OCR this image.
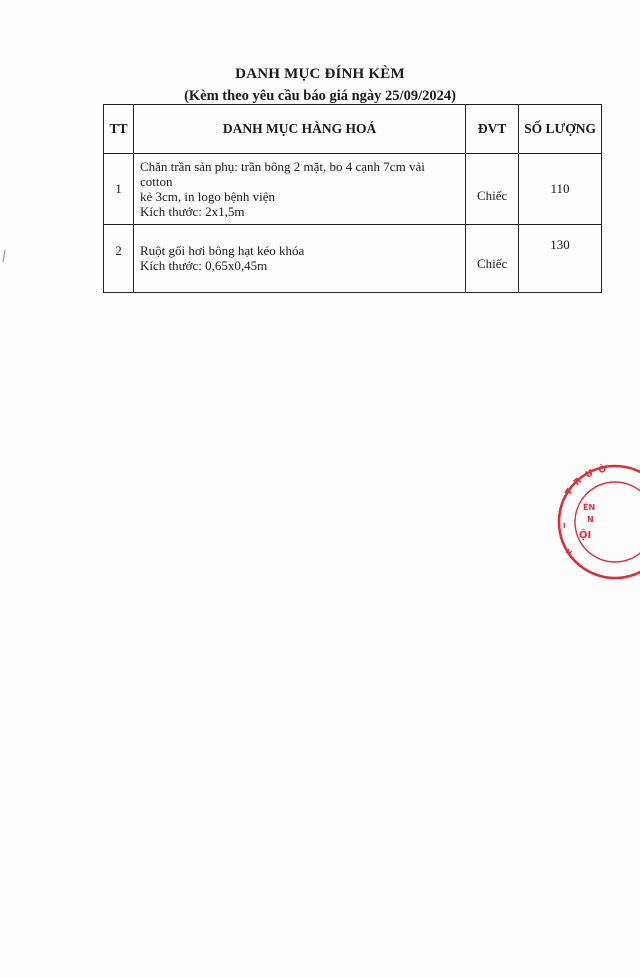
DANH MỤC ĐÍNH KÈM
(Kèm theo yêu cầu báo giá ngày 25/09/2024)
TT	DANH MỤC HÀNG HOÁ	ĐVT	SỐ LƯỢNG
1	Chăn trần sản phụ: trần bông 2 mặt, bo 4 cạnh 7cm vải cotton
kẻ 3cm, in logo bệnh viện
Kích thước: 2x1,5m	Chiếc	110
2	Ruột gối hơi bông hạt kéo khóa
Kích thước: 0,65x0,45m	Chiếc	130
T
R
Ư Ờ
ÊN
N
ỘI
I
H
